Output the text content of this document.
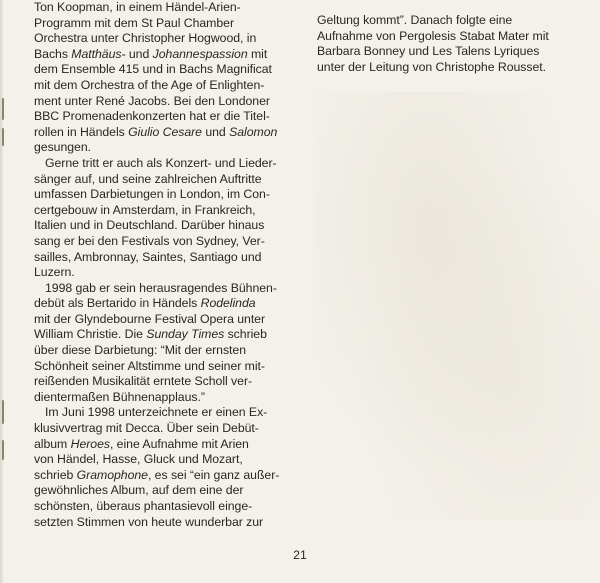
Ton Koopman, in einem Händel-Arien-
Programm mit dem St Paul Chamber
Orchestra unter Christopher Hogwood, in
Bachs Matthäus- und Johannespassion mit
dem Ensemble 415 und in Bachs Magnificat
mit dem Orchestra of the Age of Enlighten-
ment unter René Jacobs. Bei den Londoner
BBC Promenadenkonzerten hat er die Titel-
rollen in Händels Giulio Cesare und Salomon
gesungen.
Gerne tritt er auch als Konzert- und Lieder-
sänger auf, und seine zahlreichen Auftritte
umfassen Darbietungen in London, im Con-
certgebouw in Amsterdam, in Frankreich,
Italien und in Deutschland. Darüber hinaus
sang er bei den Festivals von Sydney, Ver-
sailles, Ambronnay, Saintes, Santiago und
Luzern.
1998 gab er sein herausragendes Bühnen-
debüt als Bertarido in Händels Rodelinda
mit der Glyndebourne Festival Opera unter
William Christie. Die Sunday Times schrieb
über diese Darbietung: “Mit der ernsten
Schönheit seiner Altstimme und seiner mit-
reißenden Musikalität erntete Scholl ver-
dientermaßen Bühnenapplaus.”
Im Juni 1998 unterzeichnete er einen Ex-
klusivvertrag mit Decca. Über sein Debüt-
album Heroes, eine Aufnahme mit Arien
von Händel, Hasse, Gluck und Mozart,
schrieb Gramophone, es sei “ein ganz außer-
gewöhnliches Album, auf dem eine der
schönsten, überaus phantasievoll einge-
setzten Stimmen von heute wunderbar zur
Geltung kommt”. Danach folgte eine
Aufnahme von Pergolesis Stabat Mater mit
Barbara Bonney und Les Talens Lyriques
unter der Leitung von Christophe Rousset.
21
